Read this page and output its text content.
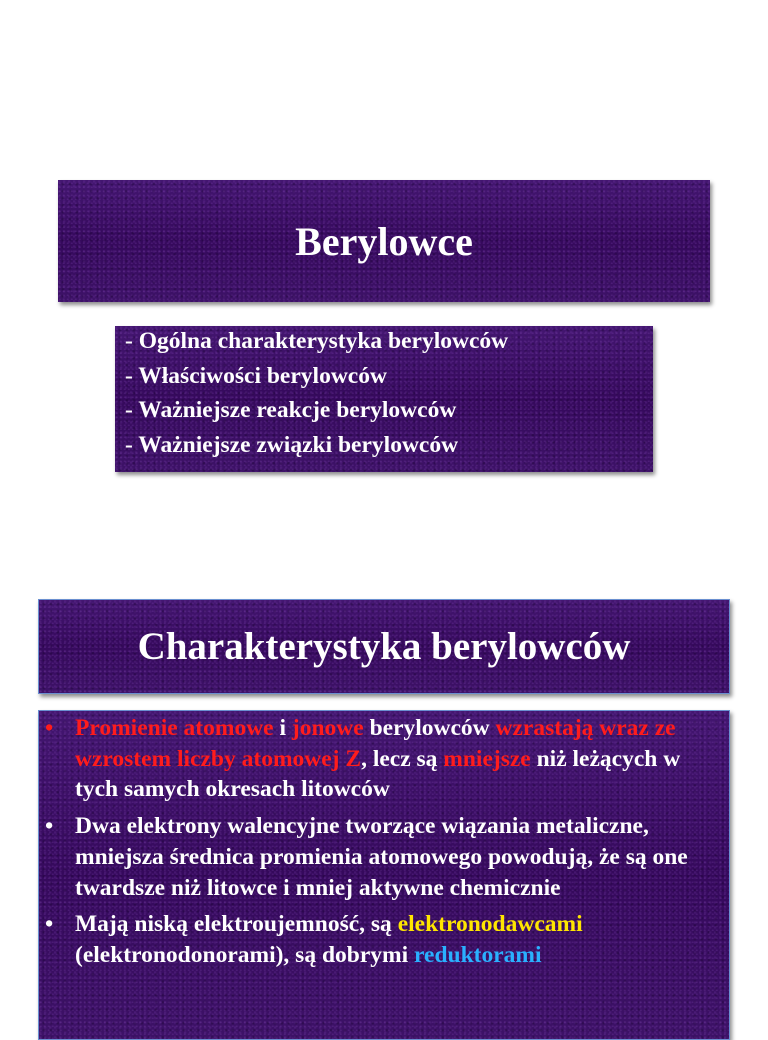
Berylowce
- Ogólna charakterystyka berylowców
- Właściwości berylowców
- Ważniejsze reakcje berylowców
- Ważniejsze związki berylowców
Charakterystyka berylowców
• Promienie atomowe i jonowe berylowców wzrastają wraz ze wzrostem liczby atomowej Z, lecz są mniejsze niż leżących w tych samych okresach litowców
• Dwa elektrony walencyjne tworzące wiązania metaliczne, mniejsza średnica promienia atomowego powodują, że są one twardsze niż litowce i mniej aktywne chemicznie
• Mają niską elektroujemność, są elektronodawcami (elektronodonorami), są dobrymi reduktorami
